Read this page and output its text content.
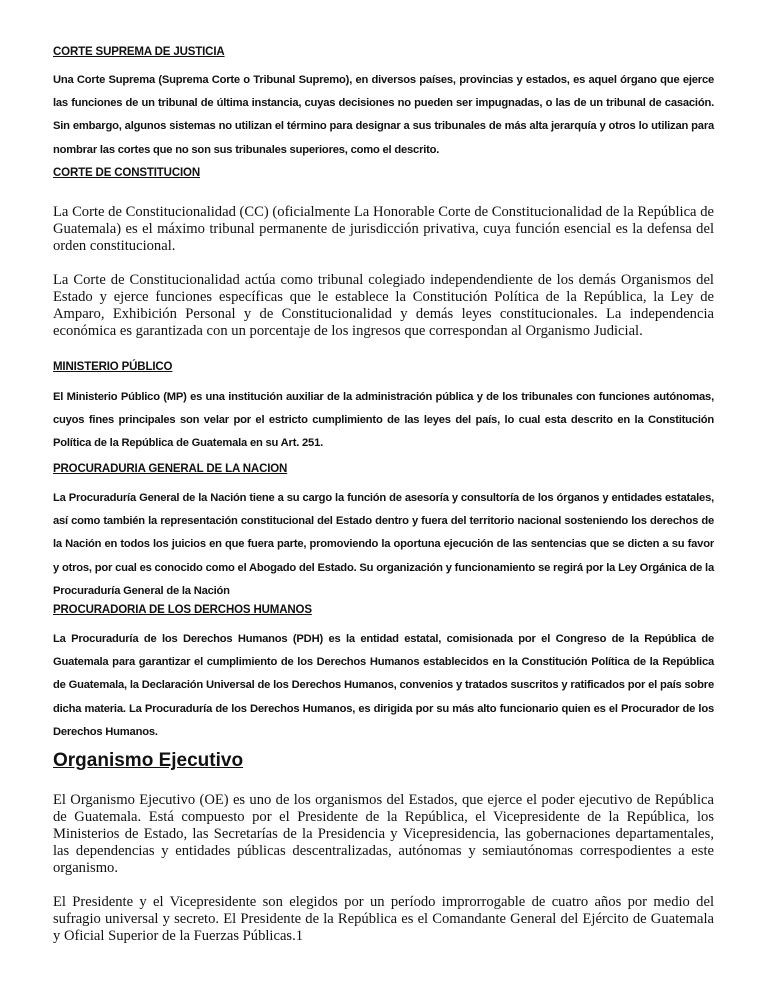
CORTE SUPREMA DE JUSTICIA

Una Corte Suprema (Suprema Corte o Tribunal Supremo), en diversos países, provincias y estados, es aquel órgano que ejerce las funciones de un tribunal de última instancia, cuyas decisiones no pueden ser impugnadas, o las de un tribunal de casación. Sin embargo, algunos sistemas no utilizan el término para designar a sus tribunales de más alta jerarquía y otros lo utilizan para nombrar las cortes que no son sus tribunales superiores, como el descrito.

CORTE DE CONSTITUCION

La Corte de Constitucionalidad (CC) (oficialmente La Honorable Corte de Constitucionalidad de la República de Guatemala) es el máximo tribunal permanente de jurisdicción privativa, cuya función esencial es la defensa del orden constitucional.

La Corte de Constitucionalidad actúa como tribunal colegiado independendiente de los demás Organismos del Estado y ejerce funciones específicas que le establece la Constitución Política de la República, la Ley de Amparo, Exhibición Personal y de Constitucionalidad y demás leyes constitucionales. La independencia económica es garantizada con un porcentaje de los ingresos que correspondan al Organismo Judicial.

MINISTERIO PÚBLICO

El Ministerio Público (MP) es una institución auxiliar de la administración pública y de los tribunales con funciones autónomas, cuyos fines principales son velar por el estricto cumplimiento de las leyes del país, lo cual esta descrito en la Constitución Política de la República de Guatemala en su Art. 251.

PROCURADURIA GENERAL DE LA NACION

La Procuraduría General de la Nación tiene a su cargo la función de asesoría y consultoría de los órganos y entidades estatales, así como también la representación constitucional del Estado dentro y fuera del territorio nacional sosteniendo los derechos de la Nación en todos los juicios en que fuera parte, promoviendo la oportuna ejecución de las sentencias que se dicten a su favor y otros, por cual es conocido como el Abogado del Estado. Su organización y funcionamiento se regirá por la Ley Orgánica de la Procuraduría General de la Nación

PROCURADORIA DE LOS DERCHOS HUMANOS

La Procuraduría de los Derechos Humanos (PDH) es la entidad estatal, comisionada por el Congreso de la República de Guatemala para garantizar el cumplimiento de los Derechos Humanos establecidos en la Constitución Política de la República de Guatemala, la Declaración Universal de los Derechos Humanos, convenios y tratados suscritos y ratificados por el país sobre dicha materia. La Procuraduría de los Derechos Humanos, es dirigida por su más alto funcionario quien es el Procurador de los Derechos Humanos.

Organismo Ejecutivo

El Organismo Ejecutivo (OE) es uno de los organismos del Estados, que ejerce el poder ejecutivo de República de Guatemala. Está compuesto por el Presidente de la República, el Vicepresidente de la República, los Ministerios de Estado, las Secretarías de la Presidencia y Vicepresidencia, las gobernaciones departamentales, las dependencias y entidades públicas descentralizadas, autónomas y semiautónomas correspodientes a este organismo.

El Presidente y el Vicepresidente son elegidos por un período improrrogable de cuatro años por medio del sufragio universal y secreto. El Presidente de la República es el Comandante General del Ejército de Guatemala y Oficial Superior de la Fuerzas Públicas.1
